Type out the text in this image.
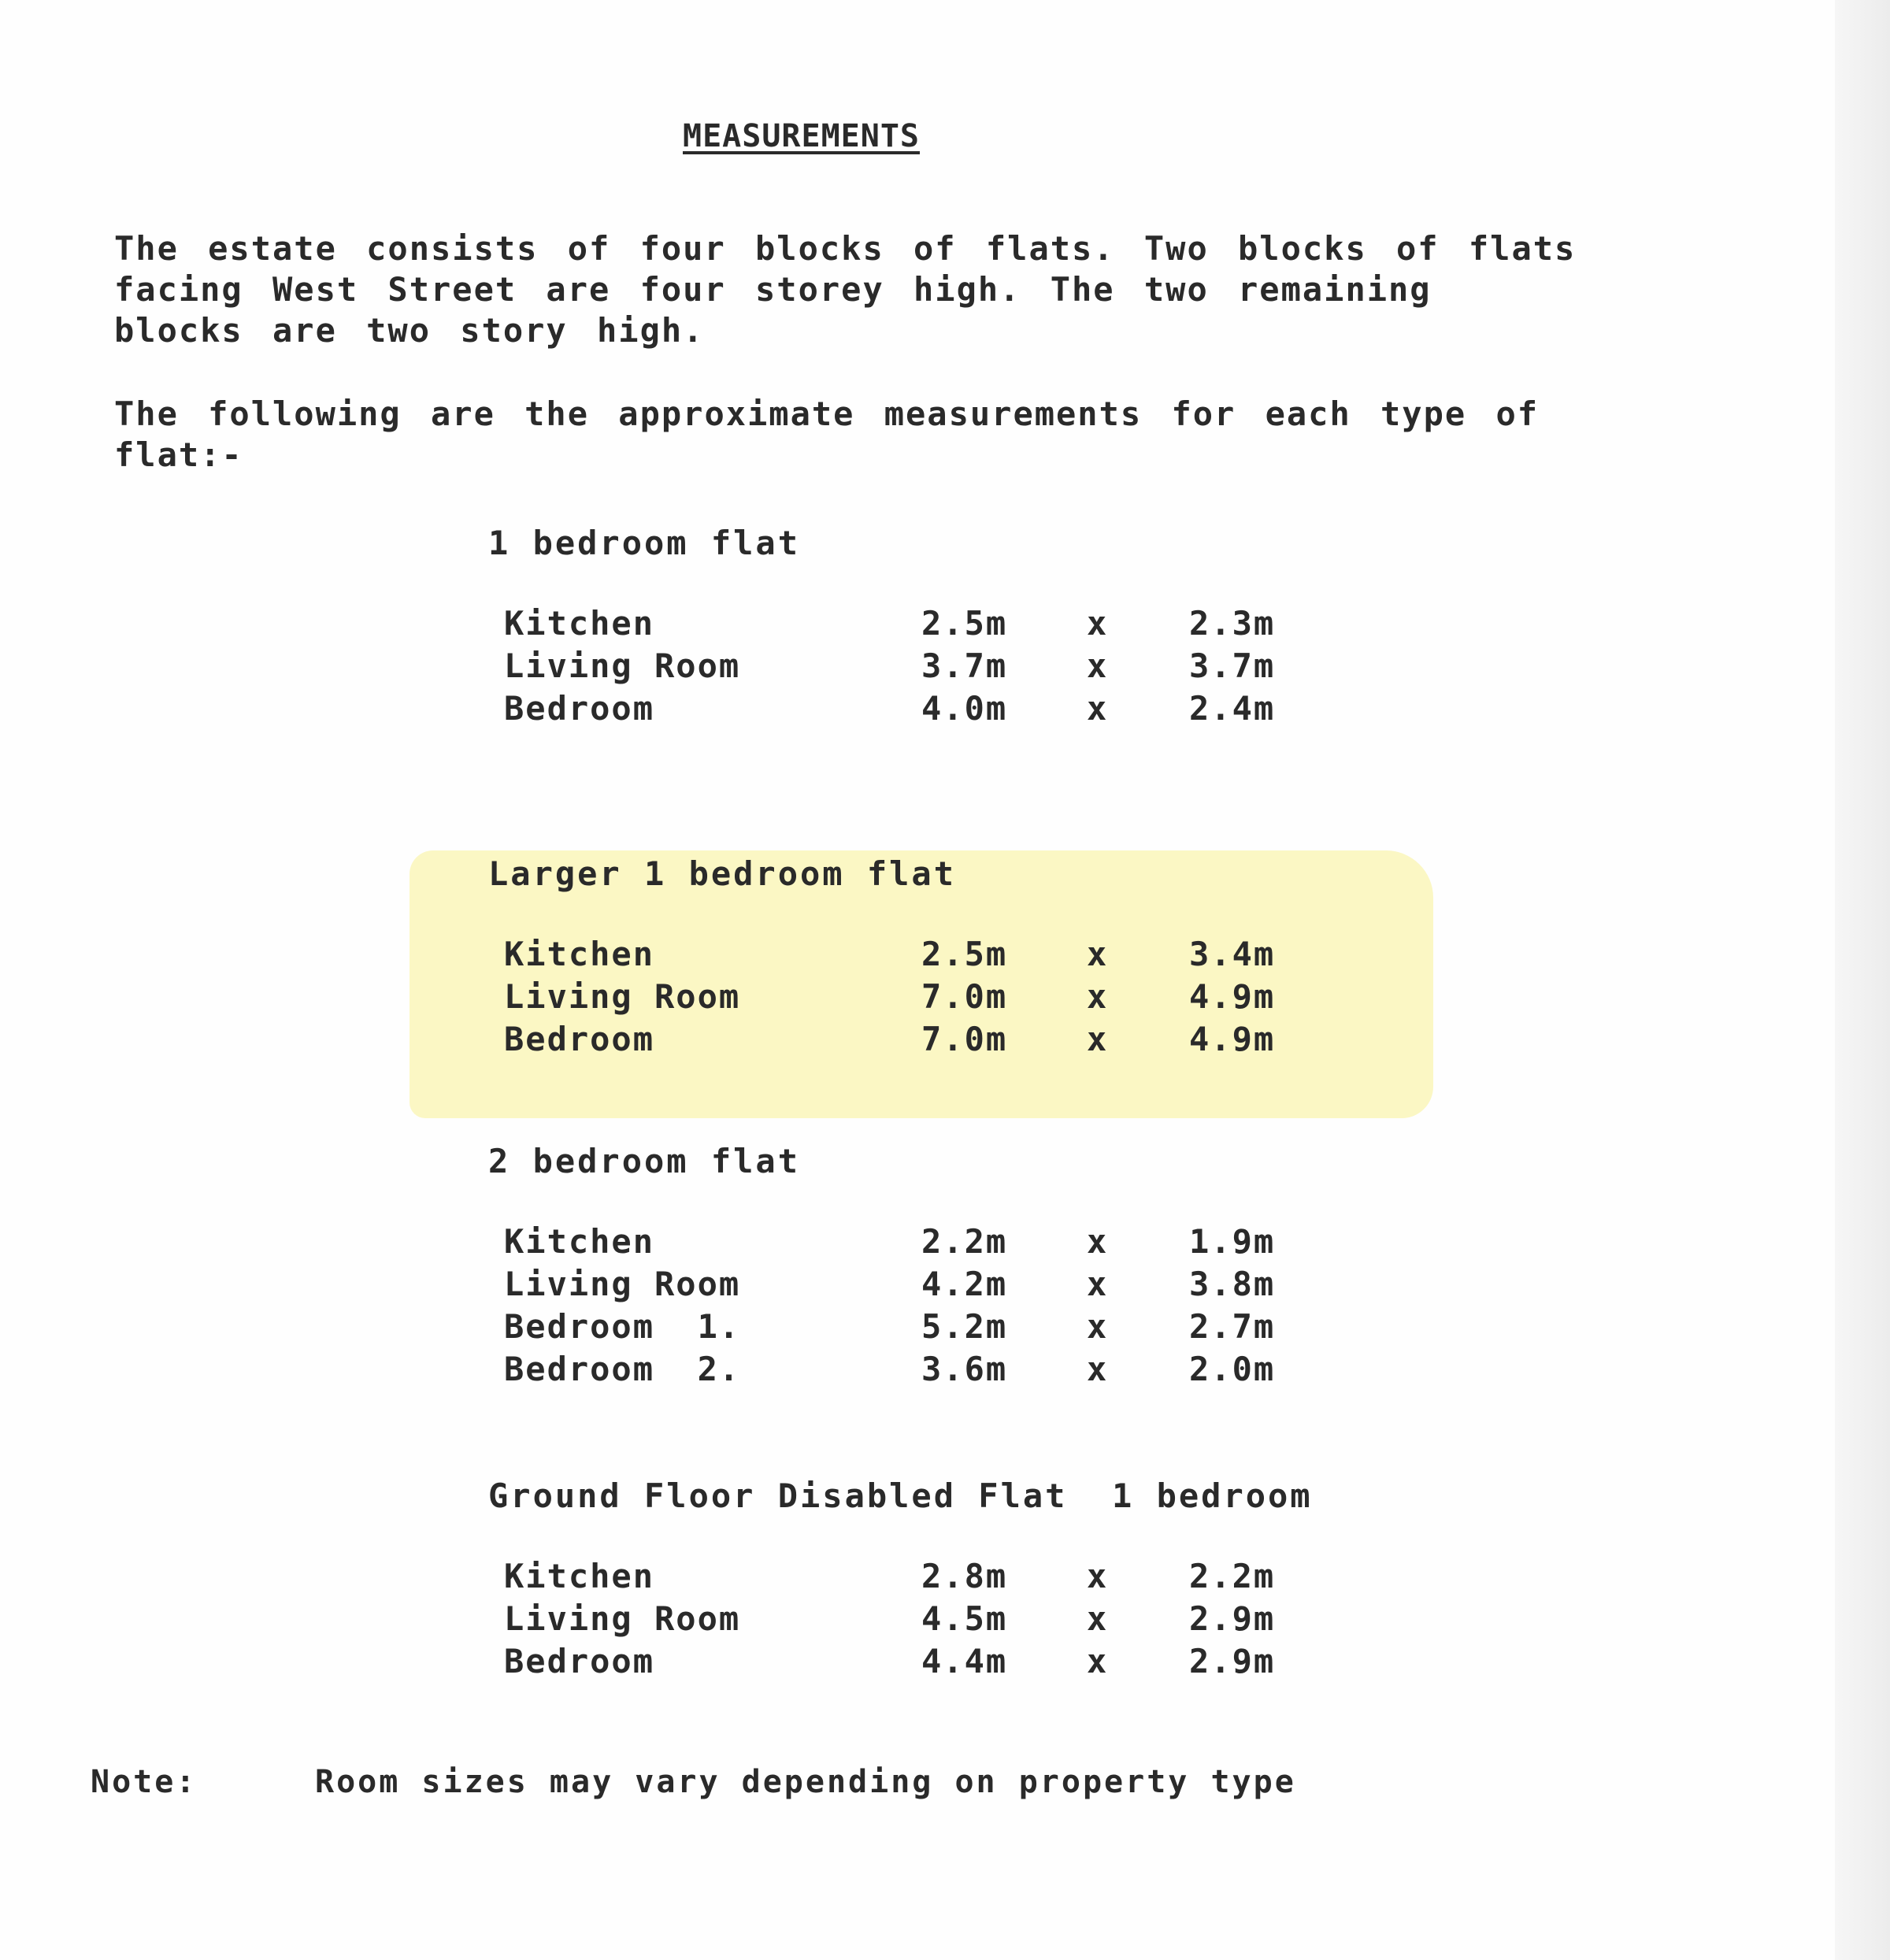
MEASUREMENTS
The estate consists of four blocks of flats. Two blocks of flats
facing West Street are four storey high. The two remaining
blocks are two story high.
The following are the approximate measurements for each type of
flat:-
1 bedroom flat
Kitchen	2.5m x 2.3m
Living Room	3.7m x 3.7m
Bedroom	4.0m x 2.4m
Larger 1 bedroom flat
Kitchen	2.5m x 3.4m
Living Room	7.0m x 4.9m
Bedroom	7.0m x 4.9m
2 bedroom flat
Kitchen	2.2m x 1.9m
Living Room	4.2m x 3.8m
Bedroom  1.	5.2m x 2.7m
Bedroom  2.	3.6m x 2.0m
Ground Floor Disabled Flat  1 bedroom
Kitchen	2.8m x 2.2m
Living Room	4.5m x 2.9m
Bedroom	4.4m x 2.9m
Note:	Room sizes may vary depending on property type
